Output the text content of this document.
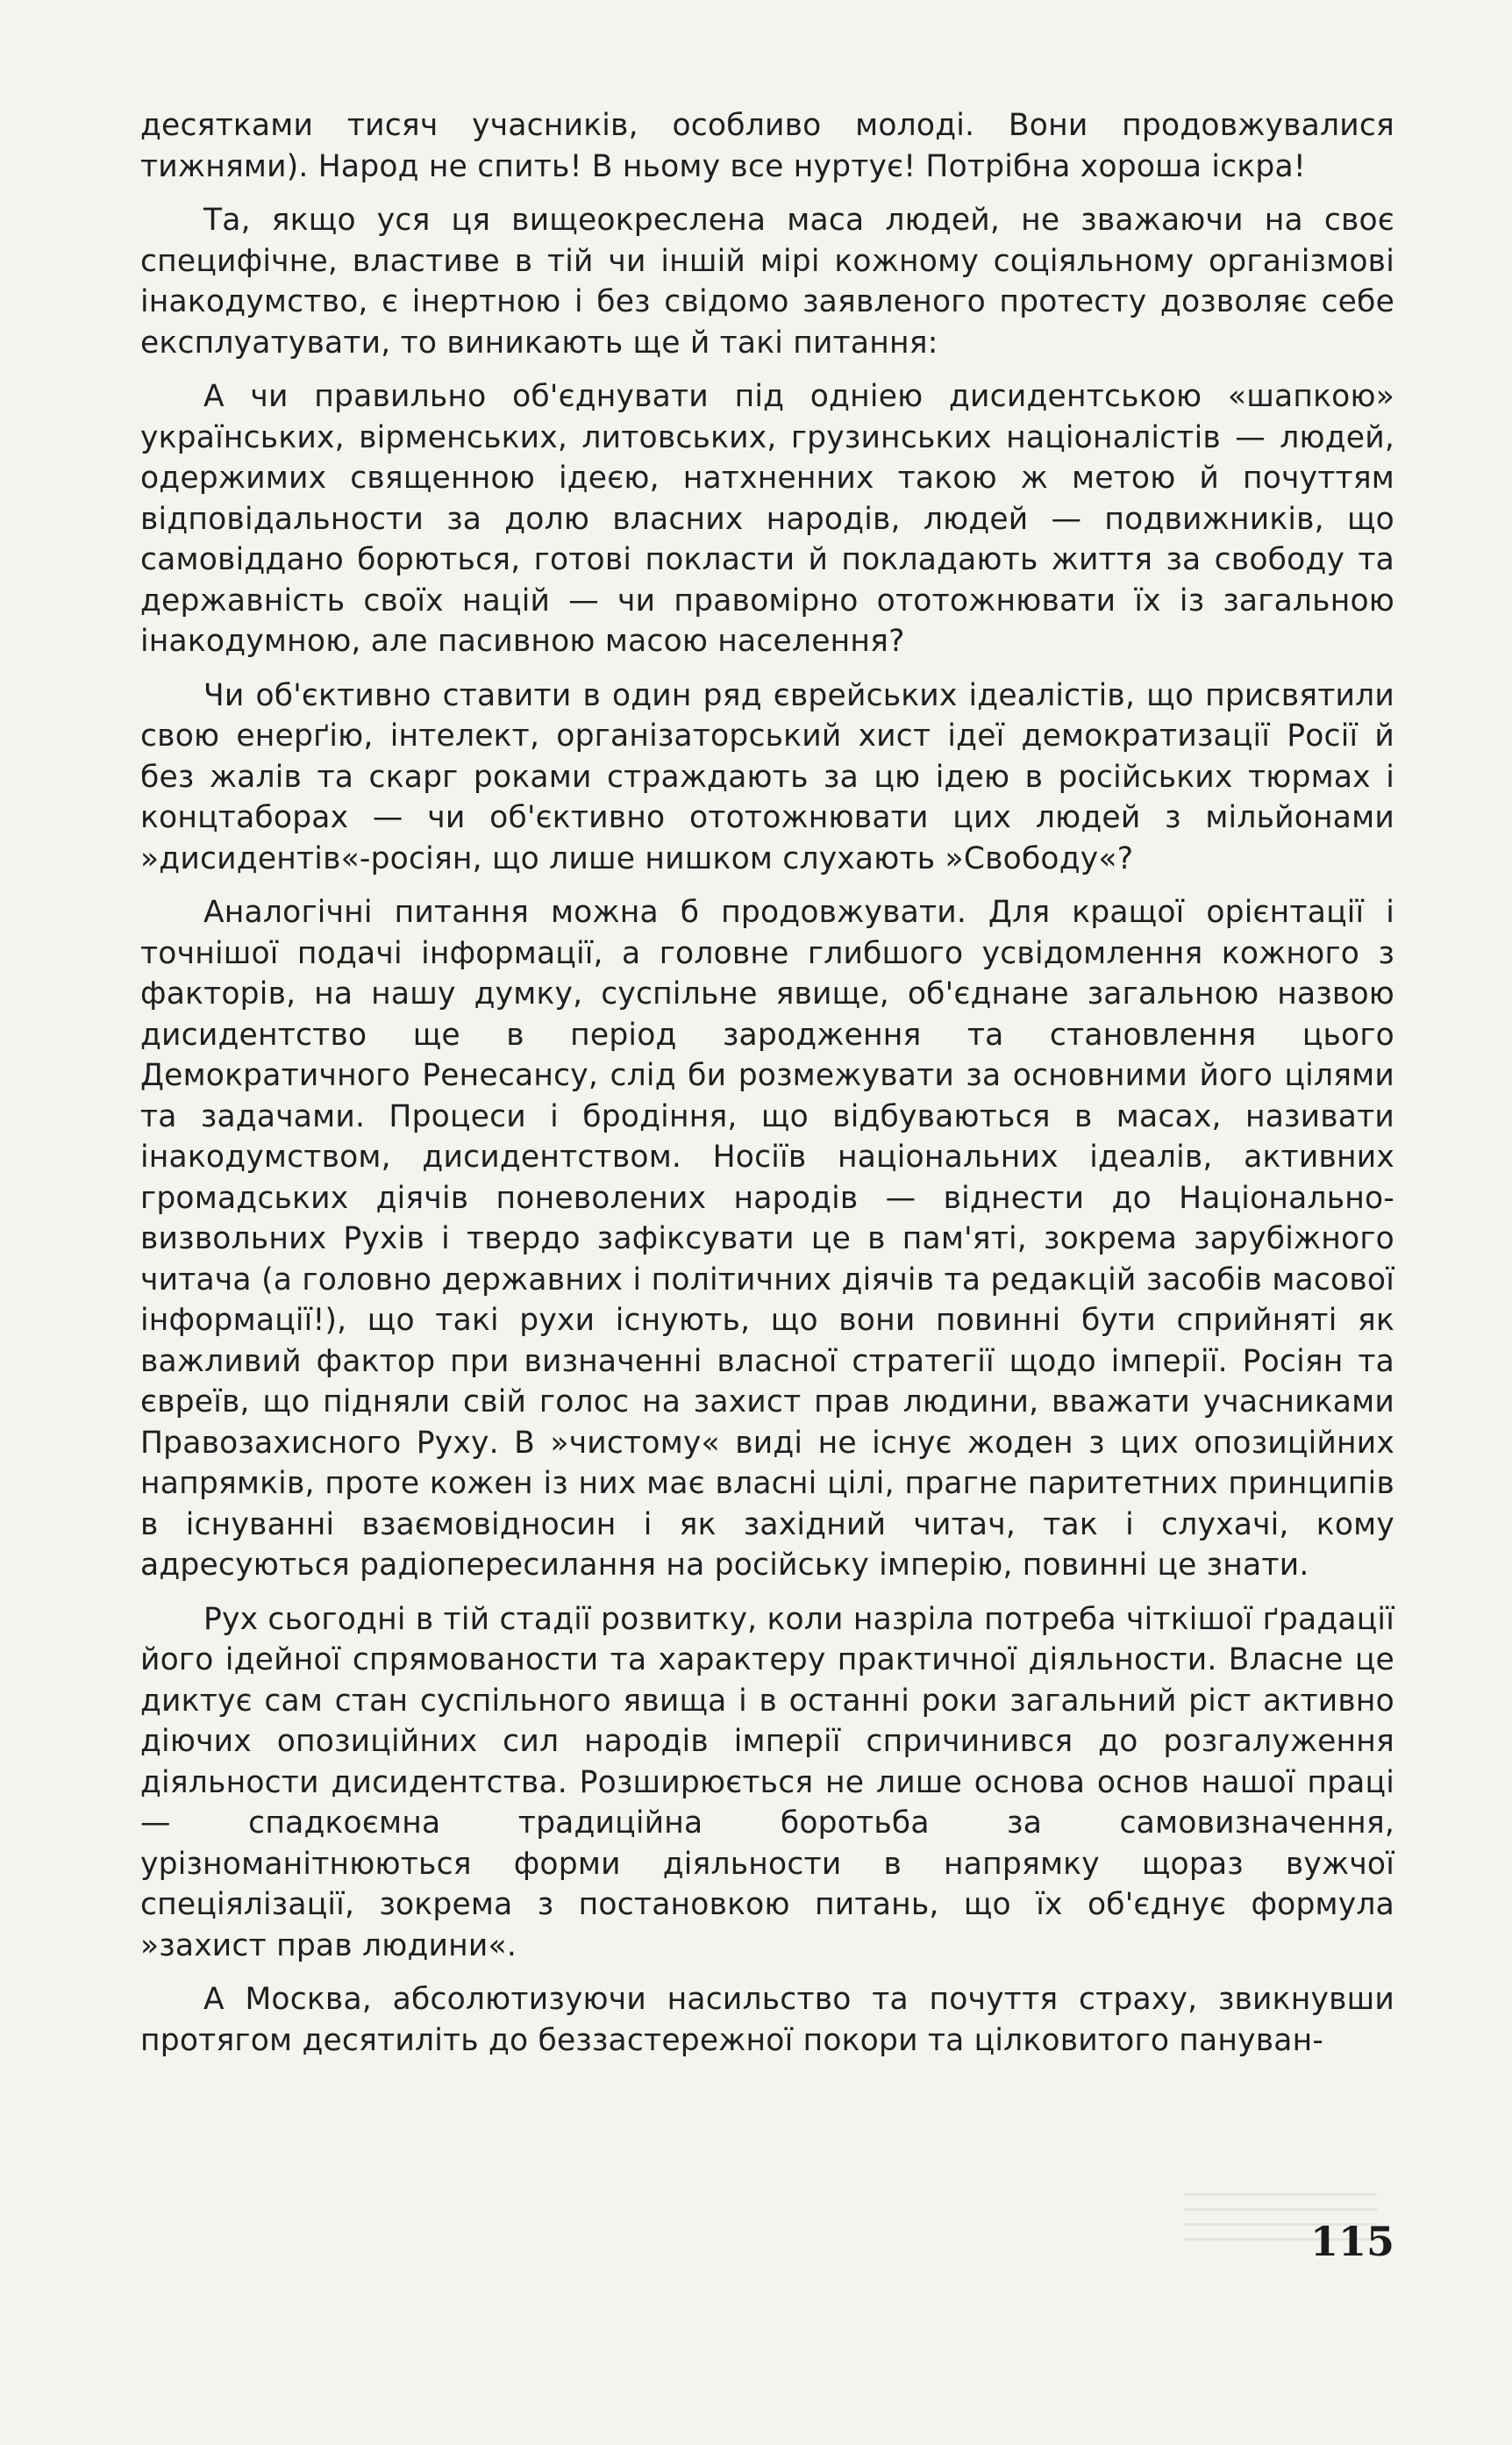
десятками тисяч учасників, особливо молоді. Вони продовжувалися тижнями). Народ не спить! В ньому все нуртує! Потрібна хороша іскра!

Та, якщо уся ця вищеокреслена маса людей, не зважаючи на своє специфічне, властиве в тій чи іншій мірі кожному соціяльному організмові інакодумство, є інертною і без свідомо заявленого протесту дозволяє себе експлуатувати, то виникають ще й такі питання:

А чи правильно об'єднувати під одніею дисидентською «шапкою» українських, вірменських, литовських, грузинських націоналістів — людей, одержимих священною ідеєю, натхненних такою ж метою й почуттям відповідальности за долю власних народів, людей — подвижників, що самовіддано борються, готові покласти й покладають життя за свободу та державність своїх націй — чи правомірно ототожнювати їх із загальною інакодумною, але пасивною масою населення?

Чи об'єктивно ставити в один ряд єврейських ідеалістів, що присвятили свою енерґію, інтелект, організаторський хист ідеї демократизації Росії й без жалів та скарг роками страждають за цю ідею в російських тюрмах і концтаборах — чи об'єктивно ототожнювати цих людей з мільйонами »дисидентів«-росіян, що лише нишком слухають »Свободу«?

Аналогічні питання можна б продовжувати. Для кращої орієнтації і точнішої подачі інформації, а головне глибшого усвідомлення кожного з факторів, на нашу думку, суспільне явище, об'єднане загальною назвою дисидентство ще в період зародження та становлення цього Демократичного Ренесансу, слід би розмежувати за основними його цілями та задачами. Процеси і бродіння, що відбуваються в масах, називати інакодумством, дисидентством. Носіїв національних ідеалів, активних громадських діячів поневолених народів — віднести до Національно-визвольних Рухів і твердо зафіксувати це в пам'яті, зокрема зарубіжного читача (а головно державних і політичних діячів та редакцій засобів масової інформації!), що такі рухи існують, що вони повинні бути сприйняті як важливий фактор при визначенні власної стратегії щодо імперії. Росіян та євреїв, що підняли свій голос на захист прав людини, вважати учасниками Правозахисного Руху. В »чистому« виді не існує жоден з цих опозиційних напрямків, проте кожен із них має власні цілі, прагне паритетних принципів в існуванні взаємовідносин і як західний читач, так і слухачі, кому адресуються радіопересилання на російську імперію, повинні це знати.

Рух сьогодні в тій стадії розвитку, коли назріла потреба чіткішої ґрадації його ідейної спрямованости та характеру практичної діяльности. Власне це диктує сам стан суспільного явища і в останні роки загальний ріст активно діючих опозиційних сил народів імперії спричинився до розгалуження діяльности дисидентства. Розширюється не лише основа основ нашої праці — спадкоємна традиційна боротьба за самовизначення, урізноманітнюються форми діяльности в напрямку щораз вужчої спеціялізації, зокрема з постановкою питань, що їх об'єднує формула »захист прав людини«.

А Москва, абсолютизуючи насильство та почуття страху, звикнувши протягом десятиліть до беззастережної покори та цілковитого пануван-

115
